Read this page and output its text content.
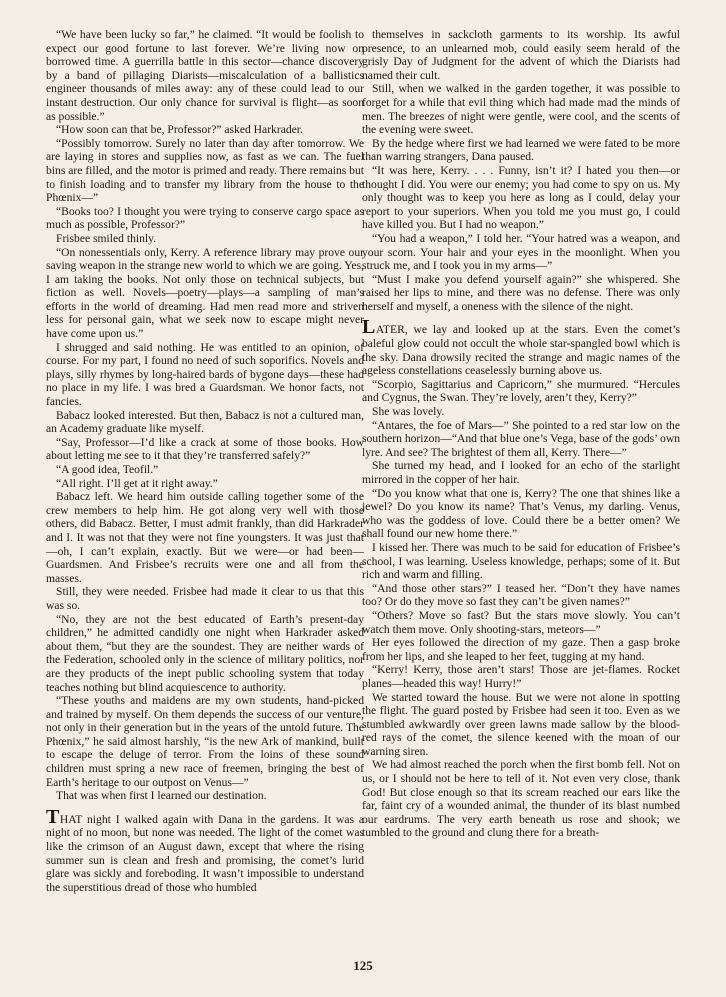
“We have been lucky so far,” he claimed. “It would be foolish to expect our good fortune to last forever. We’re living now on borrowed time. A guerrilla battle in this sector—chance discovery by a band of pillaging Diarists—miscalculation of a ballistics engineer thousands of miles away: any of these could lead to our instant destruction. Our only chance for survival is flight—as soon as possible.”

“How soon can that be, Professor?” asked Harkrader.

“Possibly tomorrow. Surely no later than day after tomorrow. We are laying in stores and supplies now, as fast as we can. The fuel bins are filled, and the motor is primed and ready. There remains but to finish loading and to transfer my library from the house to the Phœnix—”

“Books too? I thought you were trying to conserve cargo space as much as possible, Professor?”

Frisbee smiled thinly.

“On nonessentials only, Kerry. A reference library may prove our saving weapon in the strange new world to which we are going. Yes, I am taking the books. Not only those on technical subjects, but fiction as well. Novels—poetry—plays—a sampling of man’s efforts in the world of dreaming. Had men read more and striven less for personal gain, what we seek now to escape might never have come upon us.”

I shrugged and said nothing. He was entitled to an opinion, of course. For my part, I found no need of such soporifics. Novels and plays, silly rhymes by long-haired bards of bygone days—these had no place in my life. I was bred a Guardsman. We honor facts, not fancies.

Babacz looked interested. But then, Babacz is not a cultured man, an Academy graduate like myself.

“Say, Professor—I’d like a crack at some of those books. How about letting me see to it that they’re transferred safely?”

“A good idea, Teofil.”

“All right. I’ll get at it right away.”

Babacz left. We heard him outside calling together some of the crew members to help him. He got along very well with those others, did Babacz. Better, I must admit frankly, than did Harkrader and I. It was not that they were not fine youngsters. It was just that—oh, I can’t explain, exactly. But we were—or had been—Guardsmen. And Frisbee’s recruits were one and all from the masses.

Still, they were needed. Frisbee had made it clear to us that this was so.

“No, they are not the best educated of Earth’s present-day children,” he admitted candidly one night when Harkrader asked about them, “but they are the soundest. They are neither wards of the Federation, schooled only in the science of military politics, nor are they products of the inept public schooling system that today teaches nothing but blind acquiescence to authority.

“These youths and maidens are my own students, hand-picked and trained by myself. On them depends the success of our venture, not only in their generation but in the years of the untold future. The Phœnix,” he said almost harshly, “is the new Ark of mankind, built to escape the deluge of terror. From the loins of these sound children must spring a new race of freemen, bringing the best of Earth’s heritage to our outpost on Venus—”

That was when first I learned our destination.

THAT night I walked again with Dana in the gardens. It was a night of no moon, but none was needed. The light of the comet was like the crimson of an August dawn, except that where the rising summer sun is clean and fresh and promising, the comet’s lurid glare was sickly and foreboding. It wasn’t impossible to understand the superstitious dread of those who humbled

themselves in sackcloth garments to its worship. Its awful presence, to an unlearned mob, could easily seem herald of the grisly Day of Judgment for the advent of which the Diarists had named their cult.

Still, when we walked in the garden together, it was possible to forget for a while that evil thing which had made mad the minds of men. The breezes of night were gentle, were cool, and the scents of the evening were sweet.

By the hedge where first we had learned we were fated to be more than warring strangers, Dana paused.

“It was here, Kerry. . . . Funny, isn’t it? I hated you then—or thought I did. You were our enemy; you had come to spy on us. My only thought was to keep you here as long as I could, delay your report to your superiors. When you told me you must go, I could have killed you. But I had no weapon.”

“You had a weapon,” I told her. “Your hatred was a weapon, and your scorn. Your hair and your eyes in the moonlight. When you struck me, and I took you in my arms—”

“Must I make you defend yourself again?” she whispered. She raised her lips to mine, and there was no defense. There was only herself and myself, a oneness with the silence of the night.

LATER, we lay and looked up at the stars. Even the comet’s baleful glow could not occult the whole star-spangled bowl which is the sky. Dana drowsily recited the strange and magic names of the ageless constellations ceaselessly burning above us.

“Scorpio, Sagittarius and Capricorn,” she murmured. “Hercules and Cygnus, the Swan. They’re lovely, aren’t they, Kerry?”

She was lovely.

“Antares, the foe of Mars—” She pointed to a red star low on the southern horizon—“And that blue one’s Vega, base of the gods’ own lyre. And see? The brightest of them all, Kerry. There—”

She turned my head, and I looked for an echo of the starlight mirrored in the copper of her hair.

“Do you know what that one is, Kerry? The one that shines like a jewel? Do you know its name? That’s Venus, my darling. Venus, who was the goddess of love. Could there be a better omen? We shall found our new home there.”

I kissed her. There was much to be said for education of Frisbee’s school, I was learning. Useless knowledge, perhaps; some of it. But rich and warm and filling.

“And those other stars?” I teased her. “Don’t they have names too? Or do they move so fast they can’t be given names?”

“Others? Move so fast? But the stars move slowly. You can’t watch them move. Only shooting-stars, meteors—”

Her eyes followed the direction of my gaze. Then a gasp broke from her lips, and she leaped to her feet, tugging at my hand.

“Kerry! Kerry, those aren’t stars! Those are jet-flames. Rocket planes—headed this way! Hurry!”

We started toward the house. But we were not alone in spotting the flight. The guard posted by Frisbee had seen it too. Even as we stumbled awkwardly over green lawns made sallow by the blood-red rays of the comet, the silence keened with the moan of our warning siren.

We had almost reached the porch when the first bomb fell. Not on us, or I should not be here to tell of it. Not even very close, thank God! But close enough so that its scream reached our ears like the far, faint cry of a wounded animal, the thunder of its blast numbed our eardrums. The very earth beneath us rose and shook; we tumbled to the ground and clung there for a breath-

125
